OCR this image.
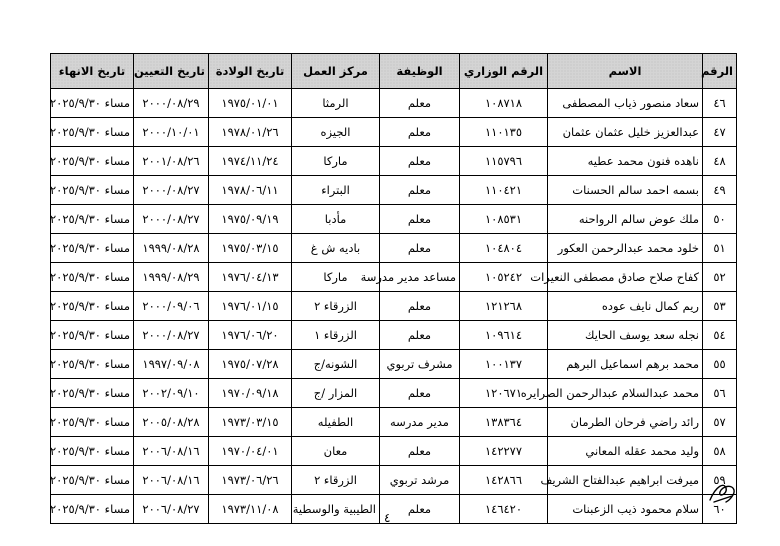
الرقم	الاسم	الرقم الوزاري	الوظيفة	مركز العمل	تاريخ الولادة	تاريخ التعيين	تاريخ الانهاء
٤٦	سعاد منصور ذياب المصطفى	١٠٨٧١٨	معلم	الرمثا	١٩٧٥/٠١/٠١	٢٠٠٠/٠٨/٢٩	مساء ٢٠٢٥/٩/٣٠
٤٧	عبدالعزيز خليل عثمان عثمان	١١٠١٣٥	معلم	الجيزه	١٩٧٨/٠١/٢٦	٢٠٠٠/١٠/٠١	مساء ٢٠٢٥/٩/٣٠
٤٨	ناهده فنون محمد عطيه	١١٥٧٩٦	معلم	ماركا	١٩٧٤/١١/٢٤	٢٠٠١/٠٨/٢٦	مساء ٢٠٢٥/٩/٣٠
٤٩	بسمه احمد سالم الحسنات	١١٠٤٢١	معلم	البتراء	١٩٧٨/٠٦/١١	٢٠٠٠/٠٨/٢٧	مساء ٢٠٢٥/٩/٣٠
٥٠	ملك عوض سالم الرواحنه	١٠٨٥٣١	معلم	مأدبا	١٩٧٥/٠٩/١٩	٢٠٠٠/٠٨/٢٧	مساء ٢٠٢٥/٩/٣٠
٥١	خلود محمد عبدالرحمن العكور	١٠٤٨٠٤	معلم	باديه ش غ	١٩٧٥/٠٣/١٥	١٩٩٩/٠٨/٢٨	مساء ٢٠٢٥/٩/٣٠
٥٢	كفاح صلاح صادق مصطفى النعيرات	١٠٥٢٤٢	مساعد مدير مدرسة	ماركا	١٩٧٦/٠٤/١٣	١٩٩٩/٠٨/٢٩	مساء ٢٠٢٥/٩/٣٠
٥٣	ريم كمال نايف عوده	١٢١٢٦٨	معلم	الزرقاء ٢	١٩٧٦/٠١/١٥	٢٠٠٠/٠٩/٠٦	مساء ٢٠٢٥/٩/٣٠
٥٤	نجله سعد يوسف الحايك	١٠٩٦١٤	معلم	الزرقاء ١	١٩٧٦/٠٦/٢٠	٢٠٠٠/٠٨/٢٧	مساء ٢٠٢٥/٩/٣٠
٥٥	محمد برهم اسماعيل البرهم	١٠٠١٣٧	مشرف تربوي	الشونه/ج	١٩٧٥/٠٧/٢٨	١٩٩٧/٠٩/٠٨	مساء ٢٠٢٥/٩/٣٠
٥٦	محمد عبدالسلام عبدالرحمن الصرايره	١٢٠٦٧١	معلم	المزار /ج	١٩٧٠/٠٩/١٨	٢٠٠٢/٠٩/١٠	مساء ٢٠٢٥/٩/٣٠
٥٧	رائد راضي فرحان الطرمان	١٣٨٣٦٤	مدير مدرسه	الطفيله	١٩٧٣/٠٣/١٥	٢٠٠٥/٠٨/٢٨	مساء ٢٠٢٥/٩/٣٠
٥٨	وليد محمد عقله المعاني	١٤٢٢٧٧	معلم	معان	١٩٧٠/٠٤/٠١	٢٠٠٦/٠٨/١٦	مساء ٢٠٢٥/٩/٣٠
٥٩	ميرفت ابراهيم عبدالفتاح الشريف	١٤٢٨٦٦	مرشد تربوي	الزرقاء ٢	١٩٧٣/٠٦/٢٦	٢٠٠٦/٠٨/١٦	مساء ٢٠٢٥/٩/٣٠
٦٠	سلام محمود ذيب الزعبنات	١٤٦٤٢٠	معلم	الطيبية والوسطية	١٩٧٣/١١/٠٨	٢٠٠٦/٠٨/٢٧	مساء ٢٠٢٥/٩/٣٠
٤
